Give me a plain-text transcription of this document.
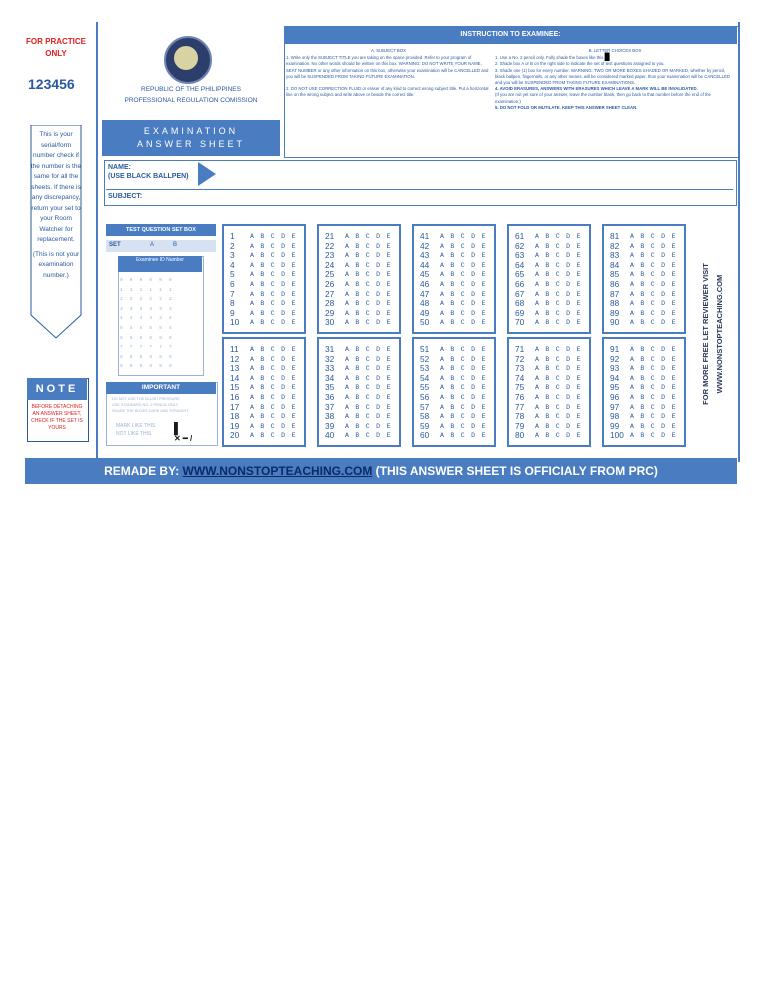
FOR PRACTICE
ONLY
123456
This is your serial/form number check if the number is the same for all the sheets. If there is any discrepancy, return your set to your Room Watcher for replacement.
(This is not your examination number.)
NOTE
BEFORE DETACHING AN ANSWER SHEET, CHECK IF THE SET IS YOURS
REPUBLIC OF THE PHILIPPINES
PROFESSIONAL REGULATION COMISSION
EXAMINATION
ANSWER SHEET
INSTRUCTION TO EXAMINEE:
A. SUBJECT BOX
1. Write only the SUBJECT TITLE you are taking on the space provided. Refer to your program of examination. No other words should be written on this box. WARNING: DO NOT WRITE YOUR NAME, SEAT NUMBER or any other information on this box, otherwise your examination will be CANCELLED and you will be SUSPENDED FROM TAKING FUTURE EXAMINATION.
2. DO NOT USE CORRECTION FLUID or eraser of any kind to correct wrong subject title. Put a horizontal line on the wrong subject and write above or beside the correct title.
B. LETTER CHOICES BOX
1. Use a No. 2 pencil only. Fully shade the boxes like this █
2. Shade box A or B on the right side to indicate the set of test questions assigned to you.
3. Shade one (1) box for every number. WARNING: TWO OR MORE BOXES SHADED OR MARKED, whether by pencil, black ballpen, fingernails, or any other means, will be considered marked paper, thus your examination will be CANCELLED and you will be SUSPENDED FROM TAKING FUTURE EXAMINATIONS.
4. AVOID ERASURES, ANSWERS WITH ERASURES WHICH LEAVE A MARK WILL BE INVALIDATED.
(If you are not yet sure of your answer, leave the number blank, then go back to that number before the end of the examination.)
5. DO NOT FOLD OR MUTILATE. KEEP THIS ANSWER SHEET CLEAN.
NAME:
(USE BLACK BALLPEN)
SUBJECT:
TEST QUESTION SET BOX
SET	A	B
Examinee ID Number
0 0 0 0 0 0
1 1 1 1 1 1
2 2 2 2 2 2
3 3 3 3 3 3
4 4 4 4 4 4
5 5 5 5 5 5
6 6 6 6 6 6
7 7 7 7 7 7
8 8 8 8 8 8
9 9 9 9 9 9
IMPORTANT
DO NOT USE THE BLUSH PRESSURE
USE STANDARD NO. 2 PENCIL ONLY
SHADE THE BOXES DARK AND STRAIGHT
MARK LIKE THIS
NOT LIKE THIS	▌
✕ ━ /
1	A B C D E
2	A B C D E
3	A B C D E
4	A B C D E
5	A B C D E
6	A B C D E
7	A B C D E
8	A B C D E
9	A B C D E
10	A B C D E
11	A B C D E
12	A B C D E
13	A B C D E
14	A B C D E
15	A B C D E
16	A B C D E
17	A B C D E
18	A B C D E
19	A B C D E
20	A B C D E
21	A B C D E
22	A B C D E
23	A B C D E
24	A B C D E
25	A B C D E
26	A B C D E
27	A B C D E
28	A B C D E
29	A B C D E
30	A B C D E
31	A B C D E
32	A B C D E
33	A B C D E
34	A B C D E
35	A B C D E
36	A B C D E
37	A B C D E
38	A B C D E
39	A B C D E
40	A B C D E
41	A B C D E
42	A B C D E
43	A B C D E
44	A B C D E
45	A B C D E
46	A B C D E
47	A B C D E
48	A B C D E
49	A B C D E
50	A B C D E
51	A B C D E
52	A B C D E
53	A B C D E
54	A B C D E
55	A B C D E
56	A B C D E
57	A B C D E
58	A B C D E
59	A B C D E
60	A B C D E
61	A B C D E
62	A B C D E
63	A B C D E
64	A B C D E
65	A B C D E
66	A B C D E
67	A B C D E
68	A B C D E
69	A B C D E
70	A B C D E
71	A B C D E
72	A B C D E
73	A B C D E
74	A B C D E
75	A B C D E
76	A B C D E
77	A B C D E
78	A B C D E
79	A B C D E
80	A B C D E
81	A B C D E
82	A B C D E
83	A B C D E
84	A B C D E
85	A B C D E
86	A B C D E
87	A B C D E
88	A B C D E
89	A B C D E
90	A B C D E
91	A B C D E
92	A B C D E
93	A B C D E
94	A B C D E
95	A B C D E
96	A B C D E
97	A B C D E
98	A B C D E
99	A B C D E
100 A B C D E
FOR MORE FREE LET REVIEWER VISIT WWW.NONSTOPTEACHING.COM
REMADE BY: WWW.NONSTOPTEACHING.COM (THIS ANSWER SHEET IS OFFICIALY FROM PRC)
